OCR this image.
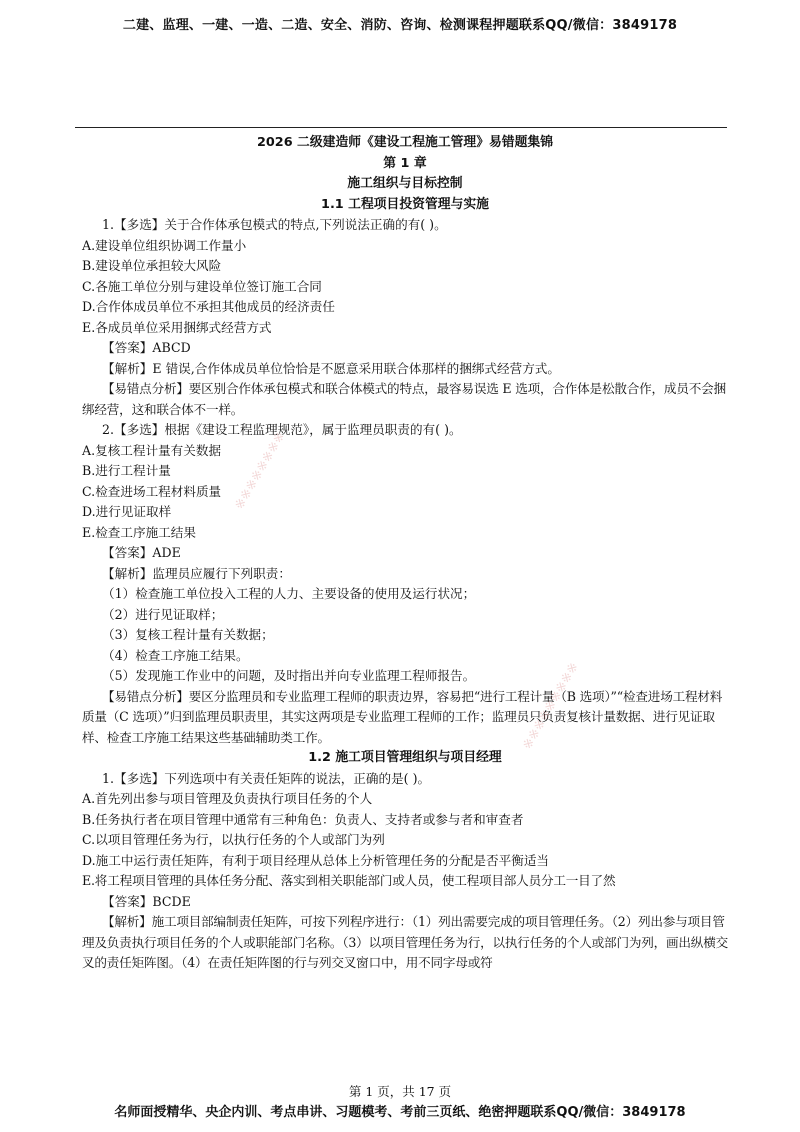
二建、监理、一建、一造、二造、安全、消防、咨询、检测课程押题联系QQ/微信：3849178

2026 二级建造师《建设工程施工管理》易错题集锦

第 1 章

施工组织与目标控制

1.1 工程项目投资管理与实施

1.【多选】关于合作体承包模式的特点,下列说法正确的有( )。

A.建设单位组织协调工作量小

B.建设单位承担较大风险

C.各施工单位分别与建设单位签订施工合同

D.合作体成员单位不承担其他成员的经济责任

E.各成员单位采用捆绑式经营方式

【答案】ABCD

【解析】E 错误,合作体成员单位恰恰是不愿意采用联合体那样的捆绑式经营方式。

【易错点分析】要区别合作体承包模式和联合体模式的特点，最容易误选 E 选项，合作体是松散合作，成员不会捆绑经营，这和联合体不一样。

2.【多选】根据《建设工程监理规范》，属于监理员职责的有( )。

A.复核工程计量有关数据

B.进行工程计量

C.检查进场工程材料质量

D.进行见证取样

E.检查工序施工结果

【答案】ADE

【解析】监理员应履行下列职责：

（1）检查施工单位投入工程的人力、主要设备的使用及运行状况；

（2）进行见证取样；

（3）复核工程计量有关数据；

（4）检查工序施工结果。

（5）发现施工作业中的问题，及时指出并向专业监理工程师报告。

【易错点分析】要区分监理员和专业监理工程师的职责边界，容易把“进行工程计量（B 选项）”“检查进场工程材料质量（C 选项）”归到监理员职责里，其实这两项是专业监理工程师的工作；监理员只负责复核计量数据、进行见证取样、检查工序施工结果这些基础辅助类工作。

1.2 施工项目管理组织与项目经理

1.【多选】下列选项中有关责任矩阵的说法，正确的是( )。

A.首先列出参与项目管理及负责执行项目任务的个人

B.任务执行者在项目管理中通常有三种角色：负责人、支持者或参与者和审查者

C.以项目管理任务为行，以执行任务的个人或部门为列

D.施工中运行责任矩阵，有利于项目经理从总体上分析管理任务的分配是否平衡适当

E.将工程项目管理的具体任务分配、落实到相关职能部门或人员，使工程项目部人员分工一目了然

【答案】BCDE

【解析】施工项目部编制责任矩阵，可按下列程序进行：（1）列出需要完成的项目管理任务。（2）列出参与项目管理及负责执行项目任务的个人或职能部门名称。（3）以项目管理任务为行，以执行任务的个人或部门为列，画出纵横交叉的责任矩阵图。（4）在责任矩阵图的行与列交叉窗口中，用不同字母或符

※※※※※※※※
※※※※※※※※※
第 1 页，共 17 页
名师面授精华、央企内训、考点串讲、习题模考、考前三页纸、绝密押题联系QQ/微信：3849178
